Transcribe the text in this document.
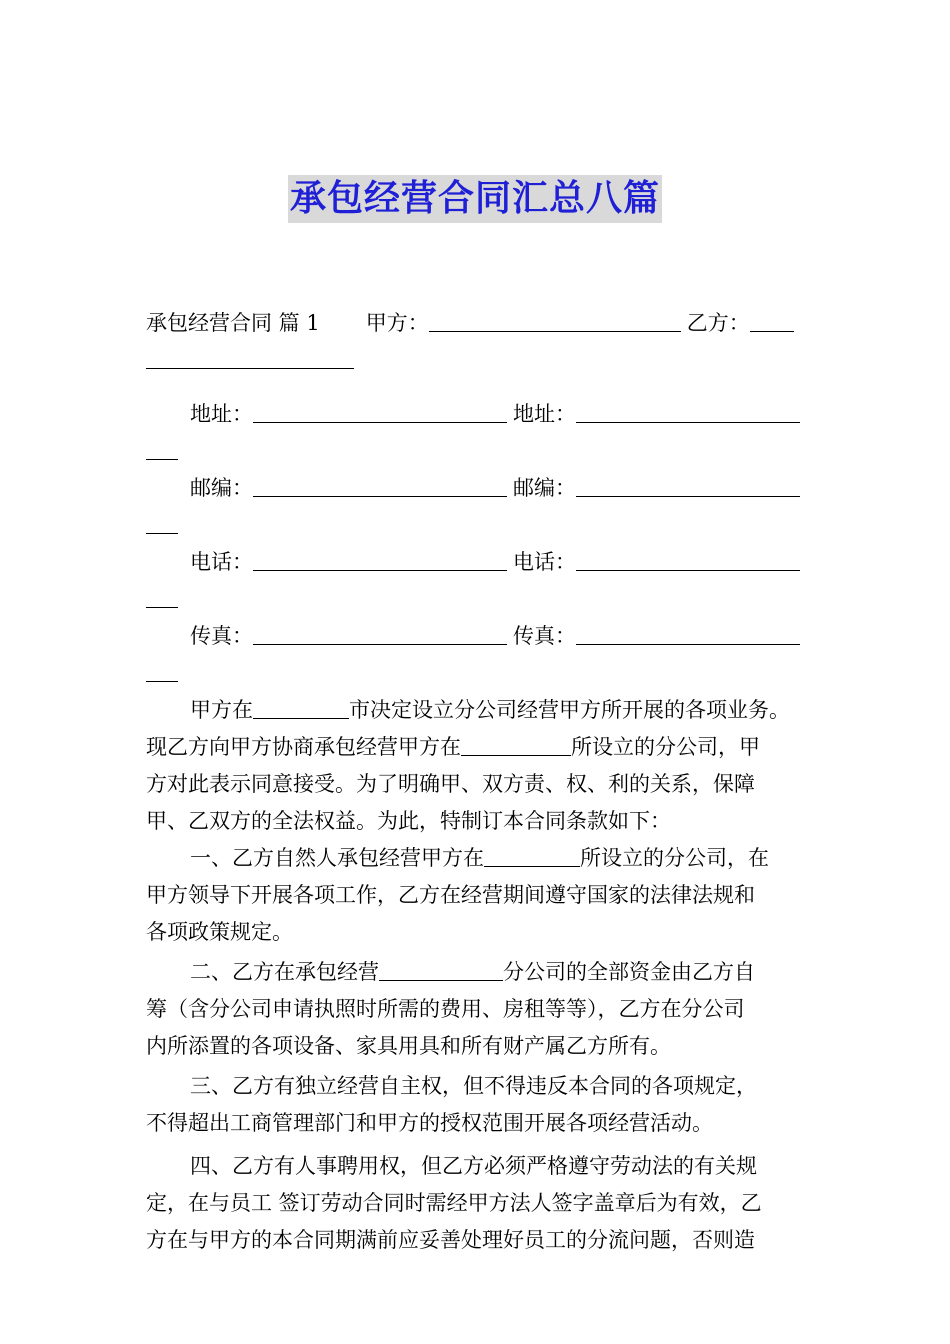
承包经营合同汇总八篇
承包经营合同 篇 1 甲方：	乙方：
地址：	地址：
邮编：	邮编：
电话：	电话：
传真：	传真：
甲方在	市决定设立分公司经营甲方所开展的各项业务。
现乙方向甲方协商承包经营甲方在	所设立的分公司，甲
方对此表示同意接受。为了明确甲、双方责、权、利的关系，保障
甲、乙双方的全法权益。为此，特制订本合同条款如下：
一、乙方自然人承包经营甲方在	所设立的分公司，在
甲方领导下开展各项工作，乙方在经营期间遵守国家的法律法规和
各项政策规定。
二、乙方在承包经营	分公司的全部资金由乙方自
筹（含分公司申请执照时所需的费用、房租等等），乙方在分公司
内所添置的各项设备、家具用具和所有财产属乙方所有。
三、乙方有独立经营自主权，但不得违反本合同的各项规定，
不得超出工商管理部门和甲方的授权范围开展各项经营活动。
四、乙方有人事聘用权，但乙方必须严格遵守劳动法的有关规
定，在与员工 签订劳动合同时需经甲方法人签字盖章后为有效，乙
方在与甲方的本合同期满前应妥善处理好员工的分流问题，否则造
